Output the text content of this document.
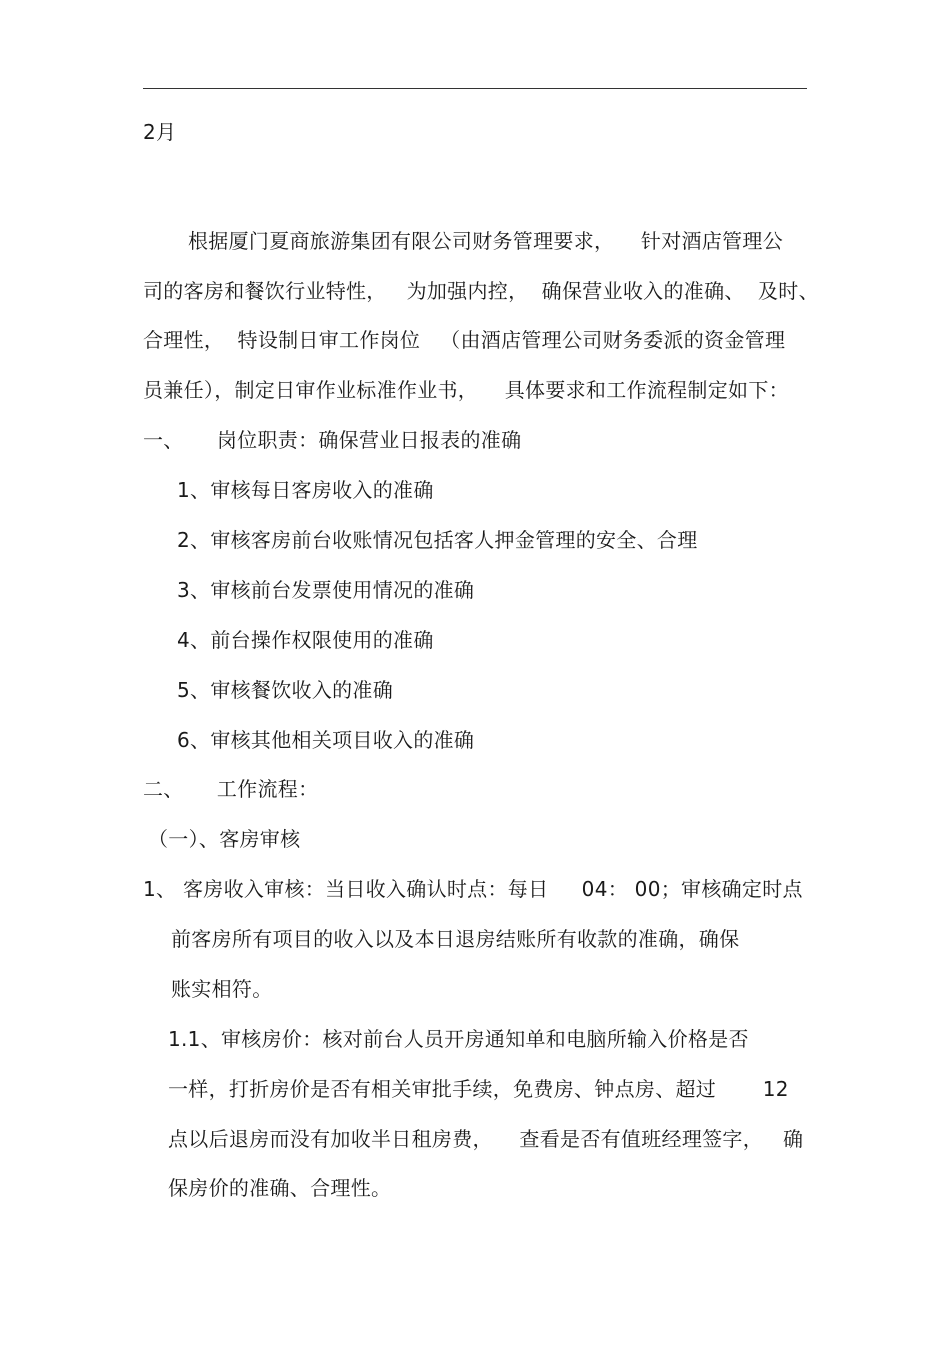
2月
根据厦门夏商旅游集团有限公司财务管理要求，    针对酒店管理公
司的客房和餐饮行业特性，   为加强内控，  确保营业收入的准确、  及时、
合理性，  特设制日审工作岗位   （由酒店管理公司财务委派的资金管理
员兼任），制定日审作业标准作业书，    具体要求和工作流程制定如下：
一、     岗位职责：确保营业日报表的准确
1、审核每日客房收入的准确
2、审核客房前台收账情况包括客人押金管理的安全、合理
3、审核前台发票使用情况的准确
4、前台操作权限使用的准确
5、审核餐饮收入的准确
6、审核其他相关项目收入的准确
二、     工作流程：
（一）、客房审核
1、 客房收入审核：当日收入确认时点：每日     04： 00；审核确定时点
前客房所有项目的收入以及本日退房结账所有收款的准确，确保
账实相符。
1.1、审核房价：核对前台人员开房通知单和电脑所输入价格是否
一样，打折房价是否有相关审批手续，免费房、钟点房、超过       12
点以后退房而没有加收半日租房费，    查看是否有值班经理签字，   确
保房价的准确、合理性。
